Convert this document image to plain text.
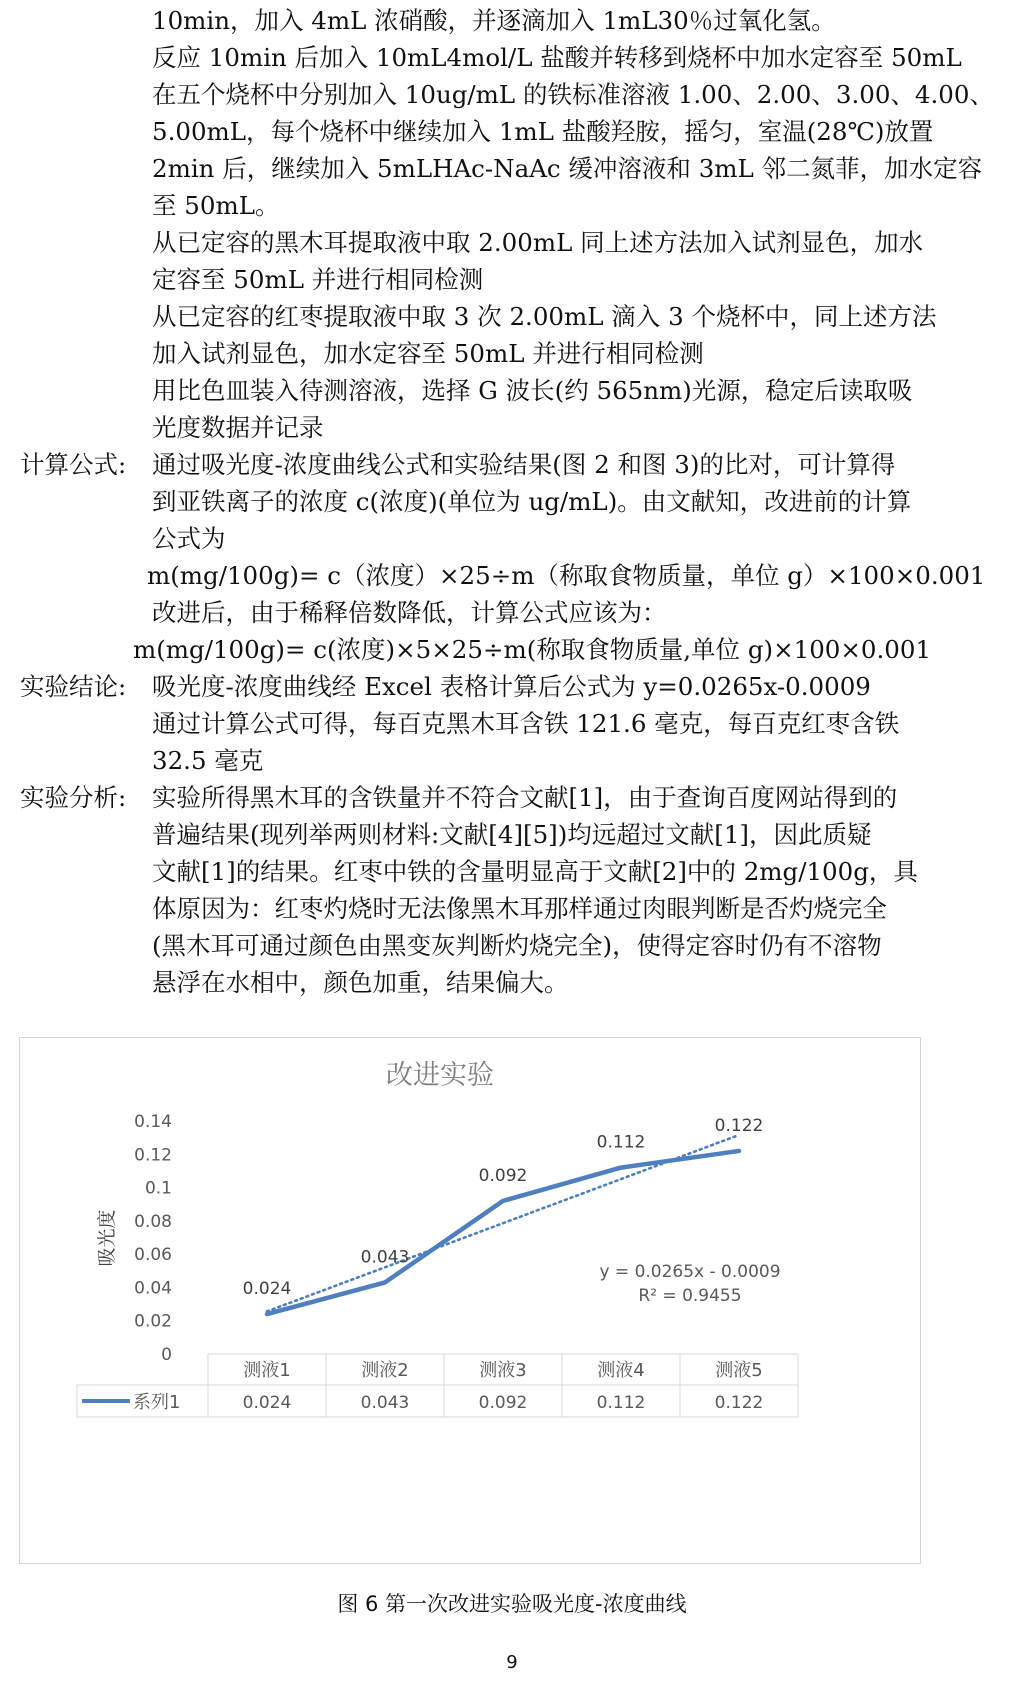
10min，加入 4mL 浓硝酸，并逐滴加入 1mL30％过氧化氢。
反应 10min 后加入 10mL4mol/L 盐酸并转移到烧杯中加水定容至 50mL
在五个烧杯中分别加入 10ug/mL 的铁标准溶液 1.00、2.00、3.00、4.00、
5.00mL，每个烧杯中继续加入 1mL 盐酸羟胺，摇匀，室温(28℃)放置
2min 后，继续加入 5mLHAc-NaAc 缓冲溶液和 3mL 邻二氮菲，加水定容
至 50mL。
从已定容的黑木耳提取液中取 2.00mL 同上述方法加入试剂显色，加水
定容至 50mL 并进行相同检测
从已定容的红枣提取液中取 3 次 2.00mL 滴入 3 个烧杯中，同上述方法
加入试剂显色，加水定容至 50mL 并进行相同检测
用比色皿装入待测溶液，选择 G 波长(约 565nm)光源，稳定后读取吸
光度数据并记录
计算公式: 通过吸光度-浓度曲线公式和实验结果(图 2 和图 3)的比对，可计算得
到亚铁离子的浓度 c(浓度)(单位为 ug/mL)。由文献知，改进前的计算
公式为
m(mg/100g)= c（浓度）×25÷m（称取食物质量，单位 g）×100×0.001
改进后，由于稀释倍数降低，计算公式应该为：
m(mg/100g)= c(浓度)×5×25÷m(称取食物质量,单位 g)×100×0.001
实验结论: 吸光度-浓度曲线经 Excel 表格计算后公式为 y=0.0265x-0.0009
通过计算公式可得，每百克黑木耳含铁 121.6 毫克，每百克红枣含铁
32.5 毫克
实验分析: 实验所得黑木耳的含铁量并不符合文献[1]，由于查询百度网站得到的
普遍结果(现列举两则材料:文献[4][5])均远超过文献[1]，因此质疑
文献[1]的结果。红枣中铁的含量明显高于文献[2]中的 2mg/100g，具
体原因为：红枣灼烧时无法像黑木耳那样通过肉眼判断是否灼烧完全
(黑木耳可通过颜色由黑变灰判断灼烧完全)，使得定容时仍有不溶物
悬浮在水相中，颜色加重，结果偏大。
改进实验
吸光度
0
0.02
0.04
0.06
0.08
0.1
0.12
0.14
测液1	测液2	测液3	测液4	测液5
系列1	0.024	0.043	0.092	0.112	0.122
0.024
0.043
0.092
0.112
0.122
y = 0.0265x - 0.0009
R² = 0.9455
图 6 第一次改进实验吸光度-浓度曲线
9
